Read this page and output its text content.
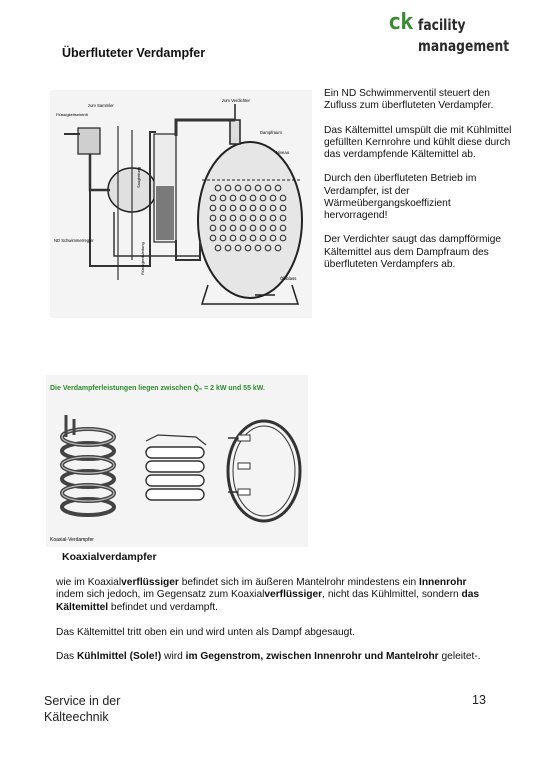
ck facility
management
Überfluteter Verdampfer
zum Sammler
Flüssigkeitseintritt
zum Verdichter
Dampfraum
Niveau
ND Schwimmerregler
Ölablass
Saugleitung
Flüssigkeitsleitung

Ein ND Schwimmerventil steuert den Zufluss zum überfluteten Verdampfer.

Das Kältemittel umspült die mit Kühlmittel gefüllten Kernrohre und kühlt diese durch das verdampfende Kältemittel ab.

Durch den überfluteten Betrieb im Verdampfer, ist der Wärmeübergangskoeffizient hervorragend!

Der Verdichter saugt das dampfförmige Kältemittel aus dem Dampfraum des überfluteten Verdampfers ab.

Die Verdampferleistungen liegen zwischen Q̇₀ = 2 kW und 55 kW.
Koaxial-Verdampfer
Koaxialverdampfer

wie im Koaxialverflüssiger befindet sich im äußeren Mantelrohr mindestens ein Innenrohr indem sich jedoch, im Gegensatz zum Koaxialverflüssiger, nicht das Kühlmittel, sondern das Kältemittel befindet und verdampft.

Das Kältemittel tritt oben ein und wird unten als Dampf abgesaugt.

Das Kühlmittel (Sole!) wird im Gegenstrom, zwischen Innenrohr und Mantelrohr geleitet-.

Service in der
Kälteechnik
13
